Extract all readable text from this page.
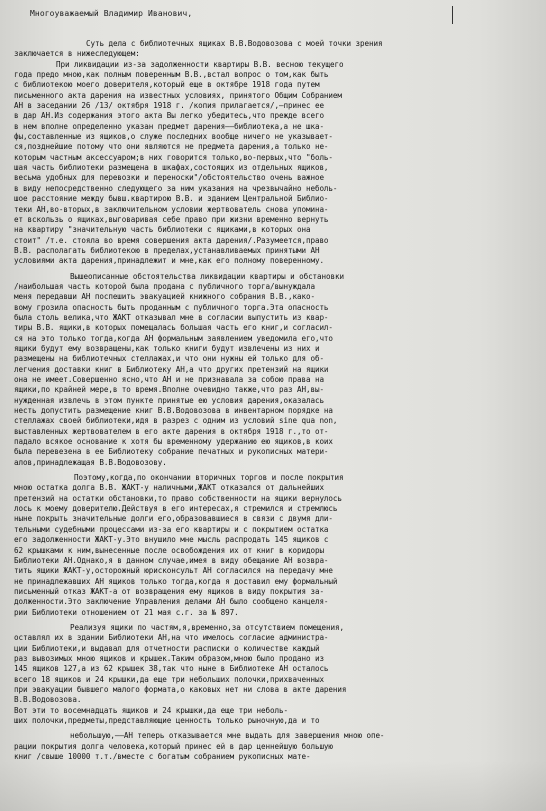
Многоуважаемый Владимир Иванович,
Суть дела с библиотечных ящиках В.В.Водовозова с моей точки зрения
заключается в нижеследующем:
При ликвидации из-за задолженности квартиры В.В. весною текущего
года предо мною,как полным поверенным В.В.,встал вопрос о том,как быть
с библиотекою моего доверителя,который еще в октябре 1918 года путем
письменного акта дарения на известных условиях, принятого Общим Собранием
АН в заседании 26 /13/ октября 1918 г. /копия прилагается/,—принес ее
в дар АН.Из содержания этого акта Вы легко убедитесь,что прежде всего
в нем вполне определенно указан предмет дарения——библиотека,а не шка-
фы,составленные из ящиков,о служе последних вообще ничего не указывает-
ся,позднейшие потому что они являются не предмета дарения,а только не-
которым частным аксессуаром;в них говорится только,во-первых,что "боль-
шая часть библиотеки размещена в шкафах,состоящих из отдельных ящиков,
весьма удобных для перевозки и переноски"/обстоятельство очень важное
в виду непосредственно следующего за ним указания на чрезвычайно неболь-
шое расстояние между бывш.квартирою В.В. и зданием Центральной Библио-
теки АН,во-вторых,в заключительном условии жертвователь снова упомина-
ет вскользь о ящиках,выговаривая себе право при жизни временно вернуть
на квартиру "значительную часть библиотеки с ящиками,в которых она
стоит" /т.е. стояла во время совершения акта дарения/.Разумеется,право
В.В. располагать библиотекою в пределах,устанавливаемых принятыми АН
условиями акта дарения,принадлежит и мне,как его полному поверенному.
Вышеописанные обстоятельства ликвидации квартиры и обстановки
/наибольшая часть которой была продана с публичного торга/вынуждала
меня передавши АН поспешить эвакуацией книжного собрания В.В.,како-
вому грозила опасность быть проданным с публичного торга.Эта опасность
была столь велика,что ЖАКТ отказывал мне в согласии выпустить из квар-
тиры В.В. ящики,в которых помещалась большая часть его книг,и согласил-
ся на это только тогда,когда АН формальным заявлением уведомила его,что
ящики будут ему возвращены,как только книги будут извлечены из них и
размещены на библиотечных стеллажах,и что они нужны ей только для об-
легчения доставки книг в Библиотеку АН,а что других претензий на ящики
она не имеет.Совершенно ясно,что АН и не признавала за собою права на
ящики,по крайней мере,в то время.Вполне очевидно также,что раз АН,вы-
нужденная извлечь в этом пункте принятые ею условия дарения,оказалась
несть допустить размещение книг В.В.Водовозова в инвентарном порядке на
стеллажах своей библиотеки,идя в разрез с одним из условий sine qua non,
выставленных жертвователем в его акте дарения в октября 1918 г.,то от-
падало всякое основание к хотя бы временному удержанию ею ящиков,в коих
была перевезена в ее Библиотеку собрание печатных и рукописных матери-
алов,принадлежащая В.В.Водовозову.
Поэтому,когда,по окончании вторичных торгов и после покрытия
мною остатка долга В.В. ЖАКТ-у наличными,ЖАКТ отказался от дальнейших
претензий на остатки обстановки,то право собственности на ящики вернулось
лось к моему доверителю.Действуя в его интересах,я стремился и стремлюсь
ныне покрыть значительные долги его,образовавшиеся в связи с двумя дли-
тельными судебными процессами из-за его квартиры и с покрытием остатка
его задолженности ЖАКТ-у.Это внушило мне мысль распродать 145 ящиков с
62 крышками к ним,вынесенные после освобождения их от книг в коридоры
Библиотеки АН.Однако,я в данном случае,имея в виду обещание АН возвра-
тить ящики ЖАКТ-у,осторожный юрисконсульт АН согласился на передачу мне
не принадлежавших АН ящиков только тогда,когда я доставил ему формальный
письменный отказ ЖАКТ-а от возвращения ему ящиков в виду покрытия за-
долженности.Это заключение Управления делами АН было сообщено канцеля-
рии Библиотеки отношением от 21 мая с.г. за № 897.
Реализуя ящики по частям,я,временно,за отсутствием помещения,
оставлял их в здании Библиотеки АН,на что имелось согласие администра-
ции Библиотеки,и выдавал для отчетности расписки о количестве каждый
раз вывозимых мною ящиков и крышек.Таким образом,мною было продано из
145 ящиков 127,а из 62 крышек 38,так что ныне в Библиотеке АН осталось
всего 18 ящиков и 24 крышки,да еще три небольших полочки,прихваченных
при эвакуации бывшего малого формата,о каковых нет ни слова в акте дарения
В.В.Водовозова.
Вот эти то восемнадцать ящиков и 24 крышки,да еще три неболь-
ших полочки,предметы,представляющие ценность только рыночную,да и то
небольшую,——АН теперь отказывается мне выдать для завершения мною опе-
рации покрытия долга человека,который принес ей в дар ценнейшую большую
книг /свыше 10000 т.т./вместе с богатым собранием рукописных мате-
